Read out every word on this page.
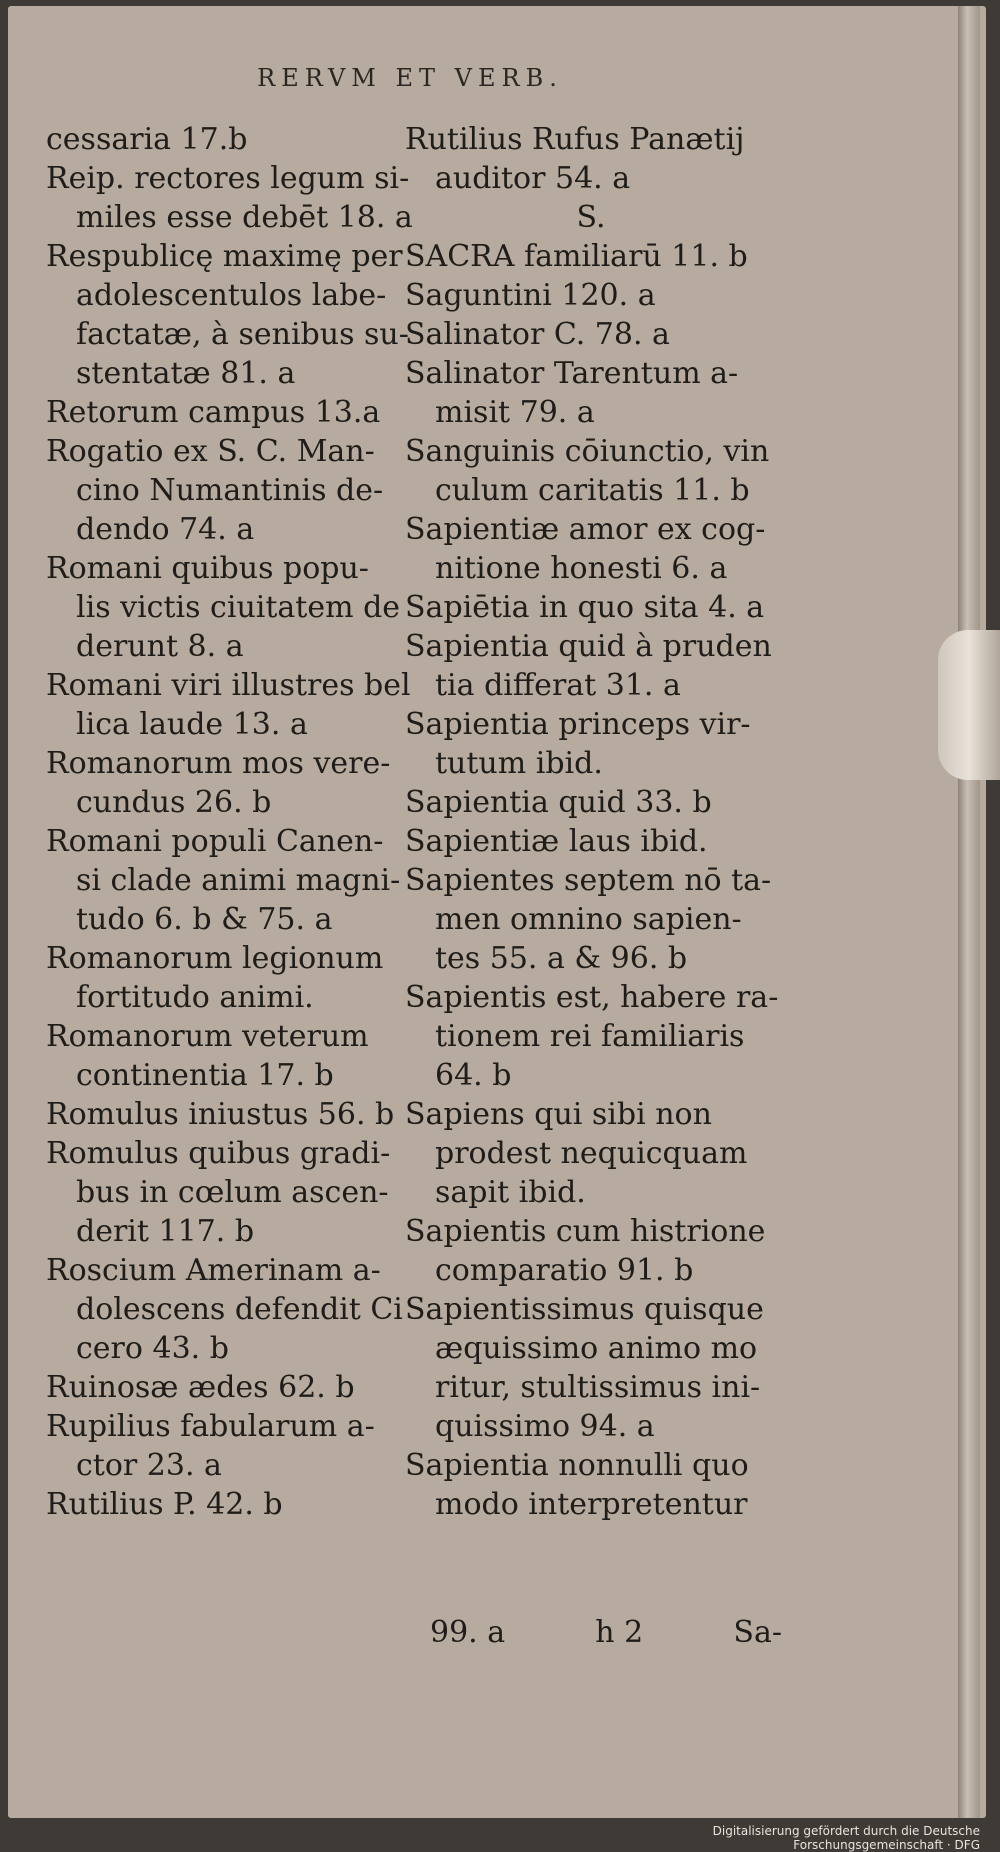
RERVM ET VERB.
cessaria 17.b
Reip. rectores legum si-
miles esse debēt 18. a
Respublicę maximę per
adolescentulos labe-
factatæ, à senibus su-
stentatæ 81. a
Retorum campus 13.a
Rogatio ex S. C. Man-
cino Numantinis de-
dendo 74. a
Romani quibus popu-
lis victis ciuitatem de
derunt 8. a
Romani viri illustres bel
lica laude 13. a
Romanorum mos vere-
cundus 26. b
Romani populi Canen-
si clade animi magni-
tudo 6. b & 75. a
Romanorum legionum
fortitudo animi.
Romanorum veterum
continentia 17. b
Romulus iniustus 56. b
Romulus quibus gradi-
bus in cœlum ascen-
derit 117. b
Roscium Amerinam a-
dolescens defendit Ci
cero 43. b
Ruinosæ ædes 62. b
Rupilius fabularum a-
ctor 23. a
Rutilius P. 42. b
Rutilius Rufus Panætij
auditor 54. a
S.
SACRA familiarū 11. b
Saguntini 120. a
Salinator C. 78. a
Salinator Tarentum a-
misit 79. a
Sanguinis cōiunctio, vin
culum caritatis 11. b
Sapientiæ amor ex cog-
nitione honesti 6. a
Sapiētia in quo sita 4. a
Sapientia quid à pruden
tia differat 31. a
Sapientia princeps vir-
tutum ibid.
Sapientia quid 33. b
Sapientiæ laus ibid.
Sapientes septem nō ta-
men omnino sapien-
tes 55. a & 96. b
Sapientis est, habere ra-
tionem rei familiaris
64. b
Sapiens qui sibi non
prodest nequicquam
sapit ibid.
Sapientis cum histrione
comparatio 91. b
Sapientissimus quisque
æquissimo animo mo
ritur, stultissimus ini-
quissimo 94. a
Sapientia nonnulli quo
modo interpretentur
99. a	h 2	Sa-
Digitalisierung gefördert durch die Deutsche Forschungsgemeinschaft · DFG
